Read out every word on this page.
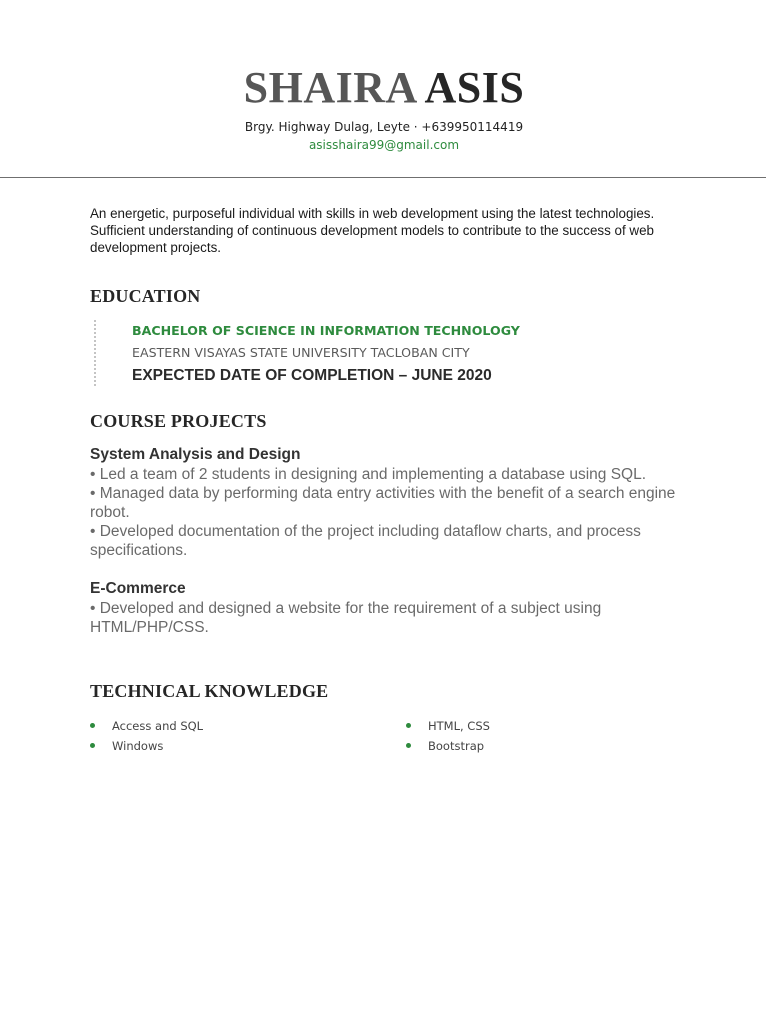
SHAIRA ASIS
Brgy. Highway Dulag, Leyte · +639950114419
asisshaira99@gmail.com
An energetic, purposeful individual with skills in web development using the latest technologies. Sufficient understanding of continuous development models to contribute to the success of web development projects.
EDUCATION
BACHELOR OF SCIENCE IN INFORMATION TECHNOLOGY
EASTERN VISAYAS STATE UNIVERSITY TACLOBAN CITY
EXPECTED DATE OF COMPLETION – JUNE 2020
COURSE PROJECTS
System Analysis and Design
• Led a team of 2 students in designing and implementing a database using SQL.
• Managed data by performing data entry activities with the benefit of a search engine robot.
• Developed documentation of the project including dataflow charts, and process specifications.
E-Commerce
• Developed and designed a website for the requirement of a subject using HTML/PHP/CSS.
TECHNICAL KNOWLEDGE
Access and SQL
Windows
HTML, CSS
Bootstrap
